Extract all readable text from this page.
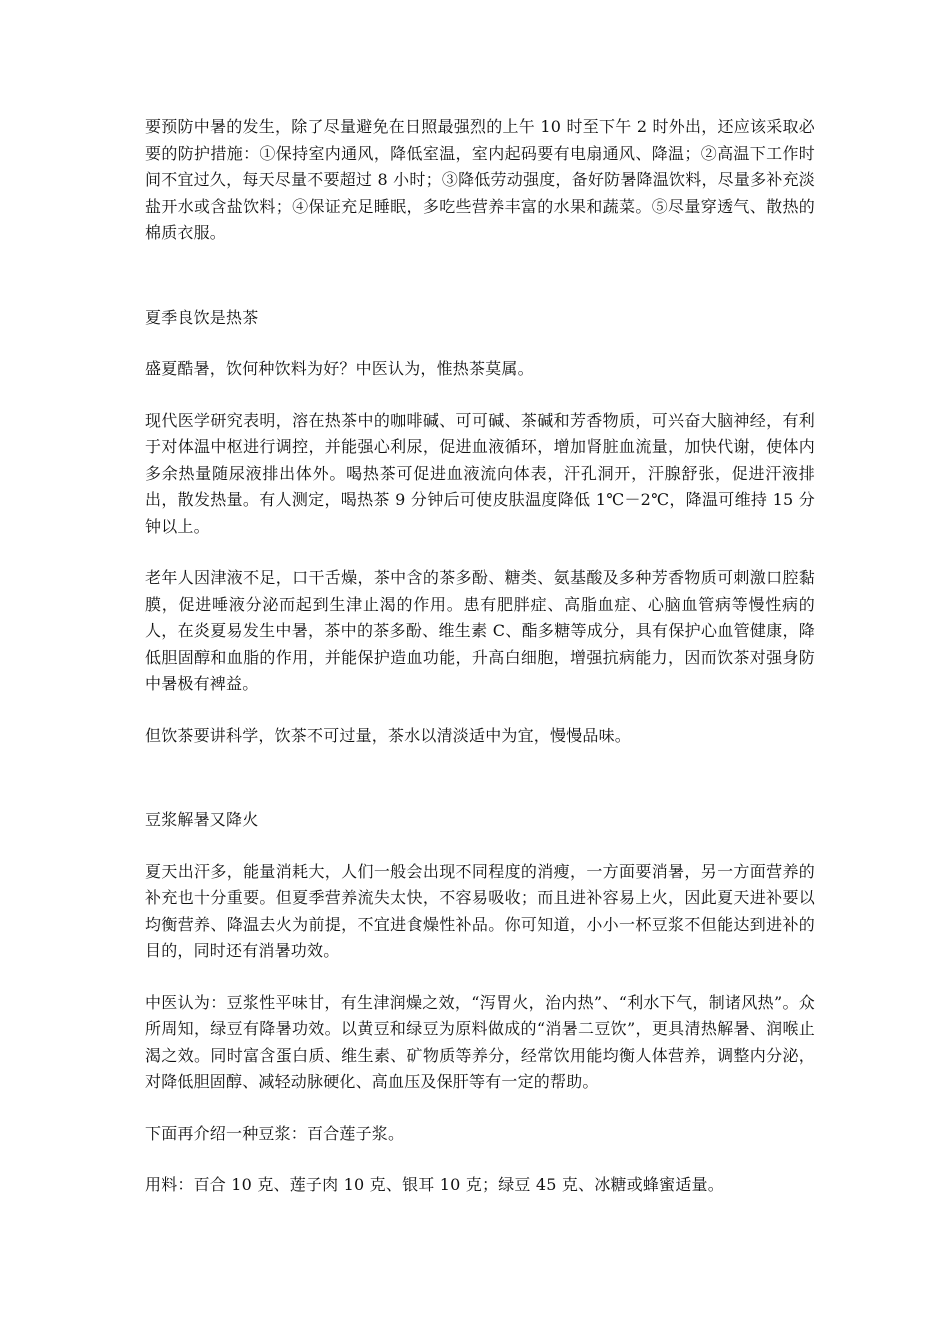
要预防中暑的发生，除了尽量避免在日照最强烈的上午 10 时至下午 2 时外出，还应该采取必要的防护措施：①保持室内通风，降低室温，室内起码要有电扇通风、降温；②高温下工作时间不宜过久，每天尽量不要超过 8 小时；③降低劳动强度，备好防暑降温饮料，尽量多补充淡盐开水或含盐饮料；④保证充足睡眠，多吃些营养丰富的水果和蔬菜。⑤尽量穿透气、散热的棉质衣服。

夏季良饮是热茶

盛夏酷暑，饮何种饮料为好？中医认为，惟热茶莫属。

现代医学研究表明，溶在热茶中的咖啡碱、可可碱、茶碱和芳香物质，可兴奋大脑神经，有利于对体温中枢进行调控，并能强心利尿，促进血液循环，增加肾脏血流量，加快代谢，使体内多余热量随尿液排出体外。喝热茶可促进血液流向体表，汗孔洞开，汗腺舒张，促进汗液排出，散发热量。有人测定，喝热茶 9 分钟后可使皮肤温度降低 1℃－2℃，降温可维持 15 分钟以上。

老年人因津液不足，口干舌燥，茶中含的茶多酚、糖类、氨基酸及多种芳香物质可刺激口腔黏膜，促进唾液分泌而起到生津止渴的作用。患有肥胖症、高脂血症、心脑血管病等慢性病的人，在炎夏易发生中暑，茶中的茶多酚、维生素 C、酯多糖等成分，具有保护心血管健康，降低胆固醇和血脂的作用，并能保护造血功能，升高白细胞，增强抗病能力，因而饮茶对强身防中暑极有裨益。

但饮茶要讲科学，饮茶不可过量，茶水以清淡适中为宜，慢慢品味。

豆浆解暑又降火

夏天出汗多，能量消耗大，人们一般会出现不同程度的消瘦，一方面要消暑，另一方面营养的补充也十分重要。但夏季营养流失太快，不容易吸收；而且进补容易上火，因此夏天进补要以均衡营养、降温去火为前提，不宜进食燥性补品。你可知道，小小一杯豆浆不但能达到进补的目的，同时还有消暑功效。

中医认为：豆浆性平味甘，有生津润燥之效，“泻胃火，治内热”、“利水下气，制诸风热”。众所周知，绿豆有降暑功效。以黄豆和绿豆为原料做成的“消暑二豆饮”，更具清热解暑、润喉止渴之效。同时富含蛋白质、维生素、矿物质等养分，经常饮用能均衡人体营养，调整内分泌，对降低胆固醇、减轻动脉硬化、高血压及保肝等有一定的帮助。

下面再介绍一种豆浆：百合莲子浆。

用料：百合 10 克、莲子肉 10 克、银耳 10 克；绿豆 45 克、冰糖或蜂蜜适量。
